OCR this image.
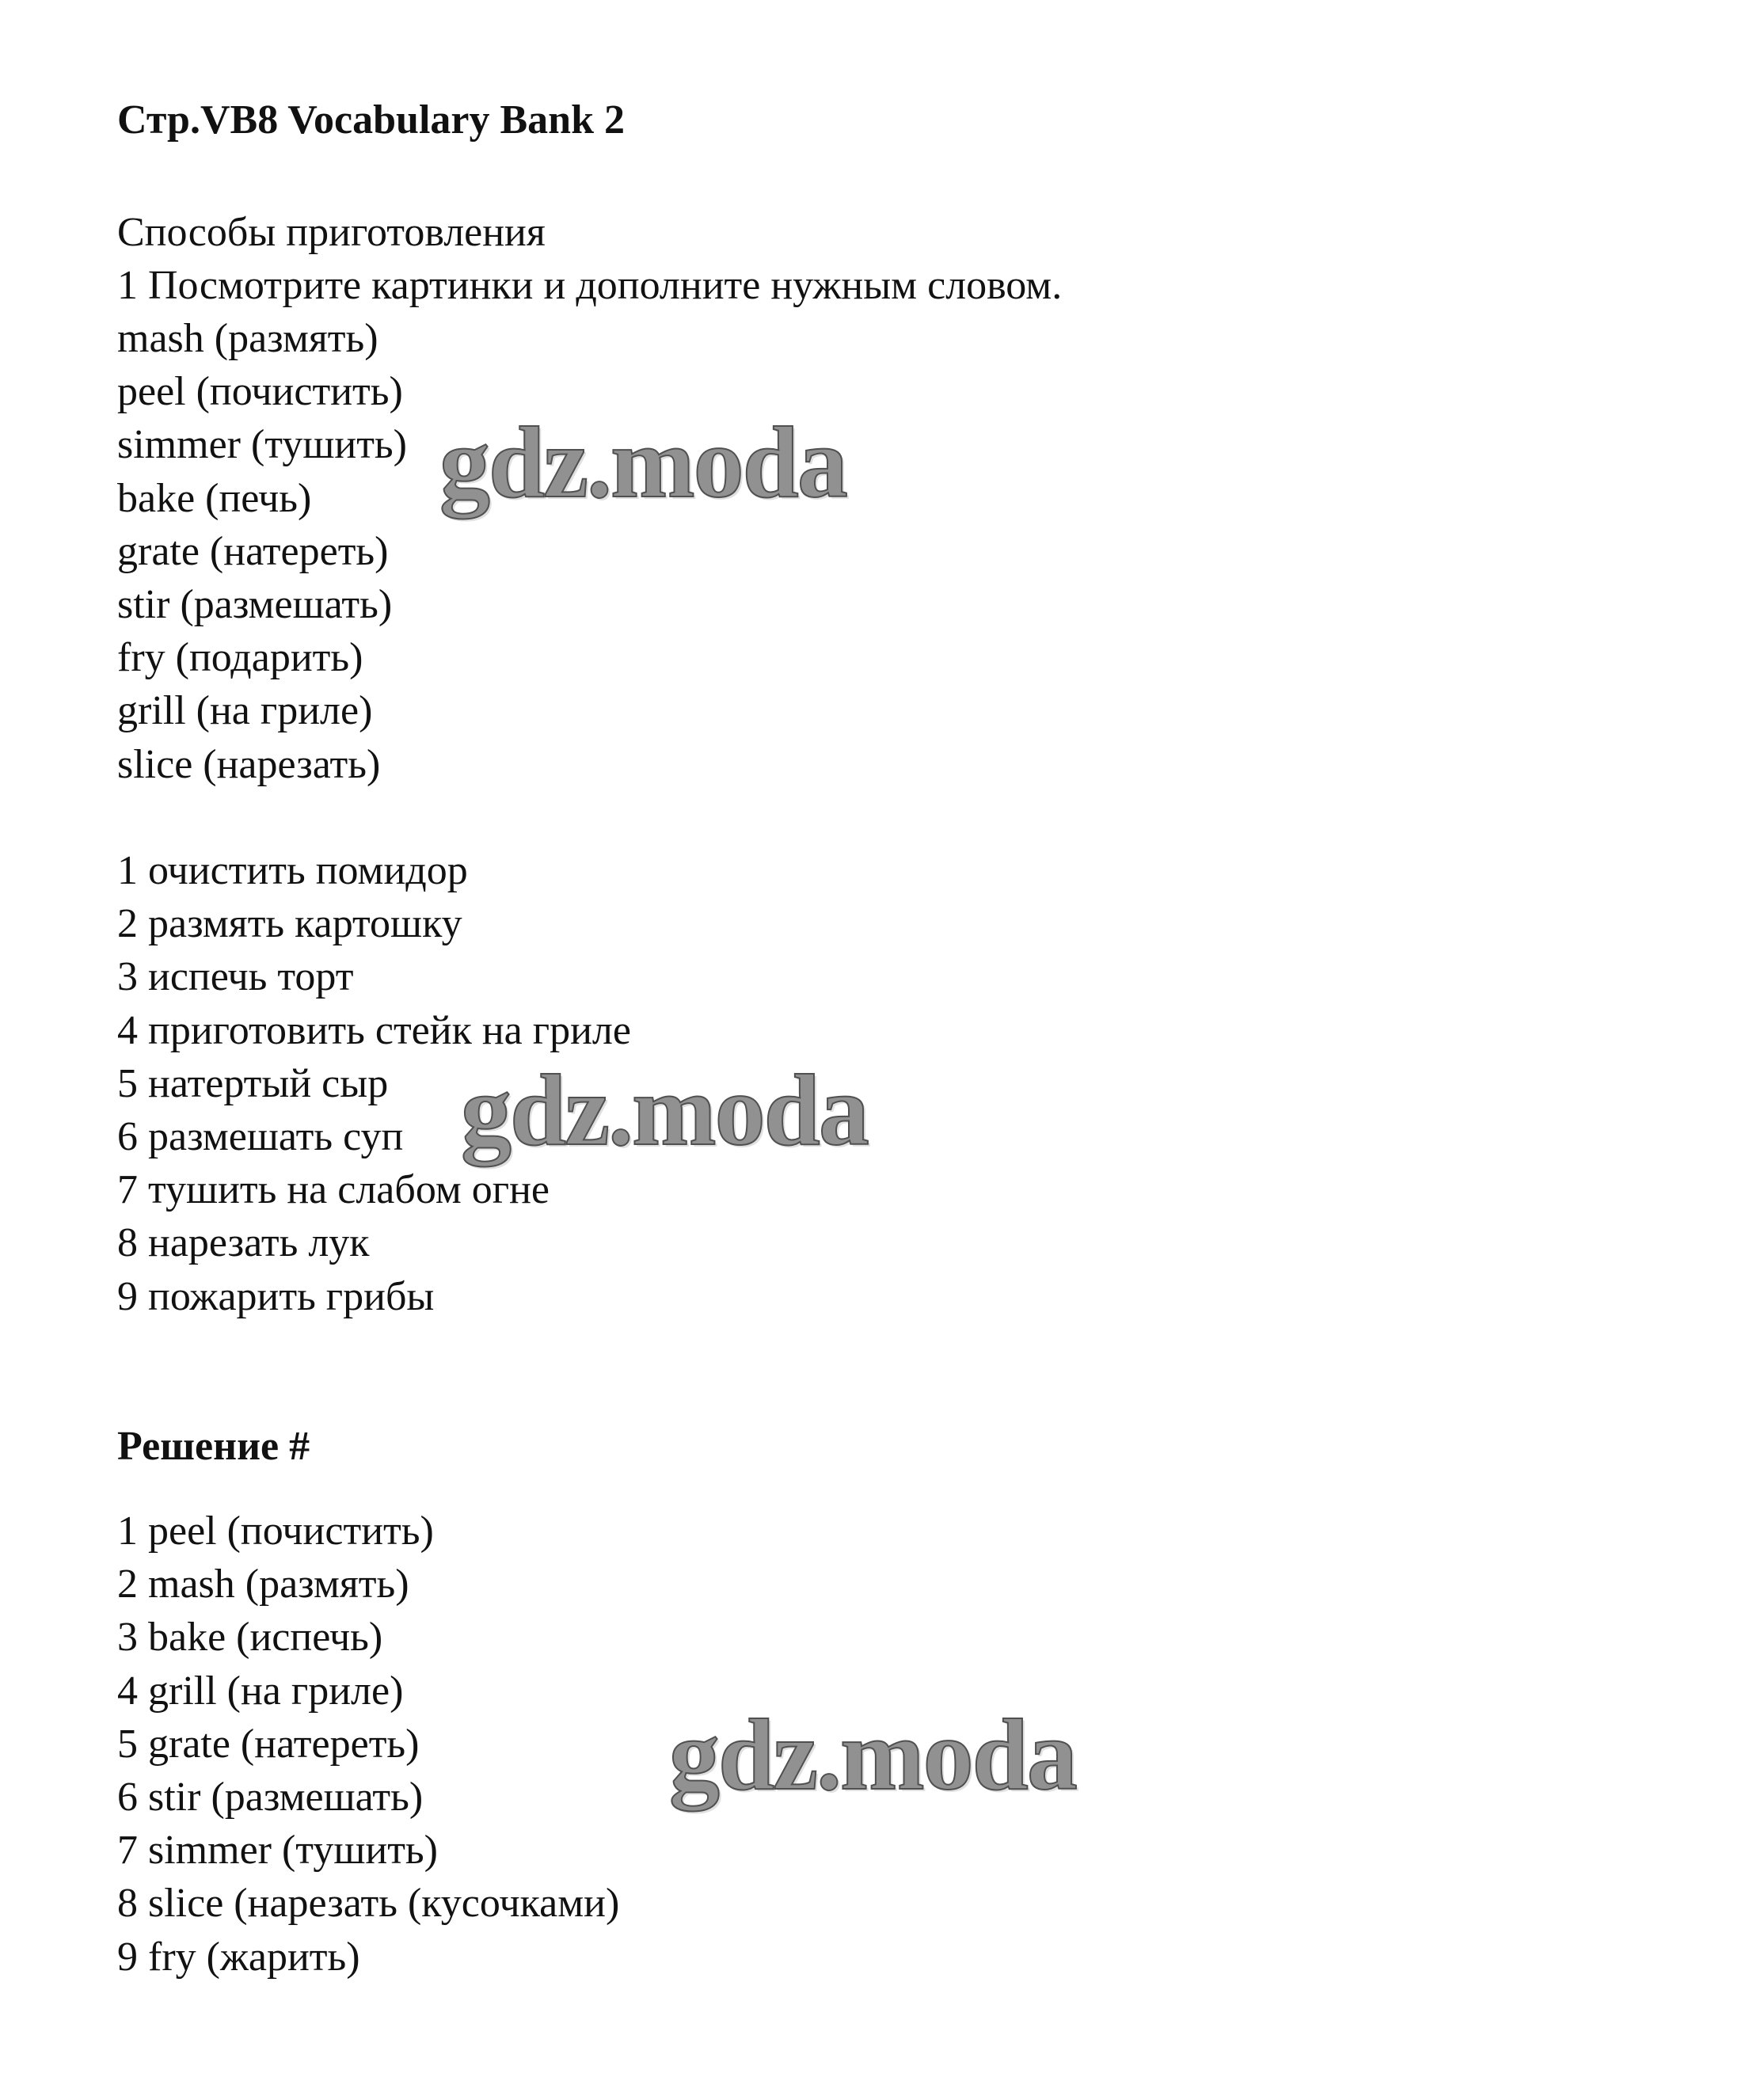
Стр.VB8 Vocabulary Bank 2
Способы приготовления
1 Посмотрите картинки и дополните нужным словом.
mash (размять)
peel (почистить)
simmer (тушить)
bake (печь)
grate (натереть)
stir (размешать)
fry (подарить)
grill (на гриле)
slice (нарезать)
1 очистить помидор
2 размять картошку
3 испечь торт
4 приготовить стейк на гриле
5 натертый сыр
6 размешать суп
7 тушить на слабом огне
8 нарезать лук
9 пожарить грибы
Решение #
1 peel (почистить)
2 mash (размять)
3 bake (испечь)
4 grill (на гриле)
5 grate (натереть)
6 stir (размешать)
7 simmer (тушить)
8 slice (нарезать (кусочками)
9 fry (жарить)
gdz.moda
gdz.moda
gdz.moda
